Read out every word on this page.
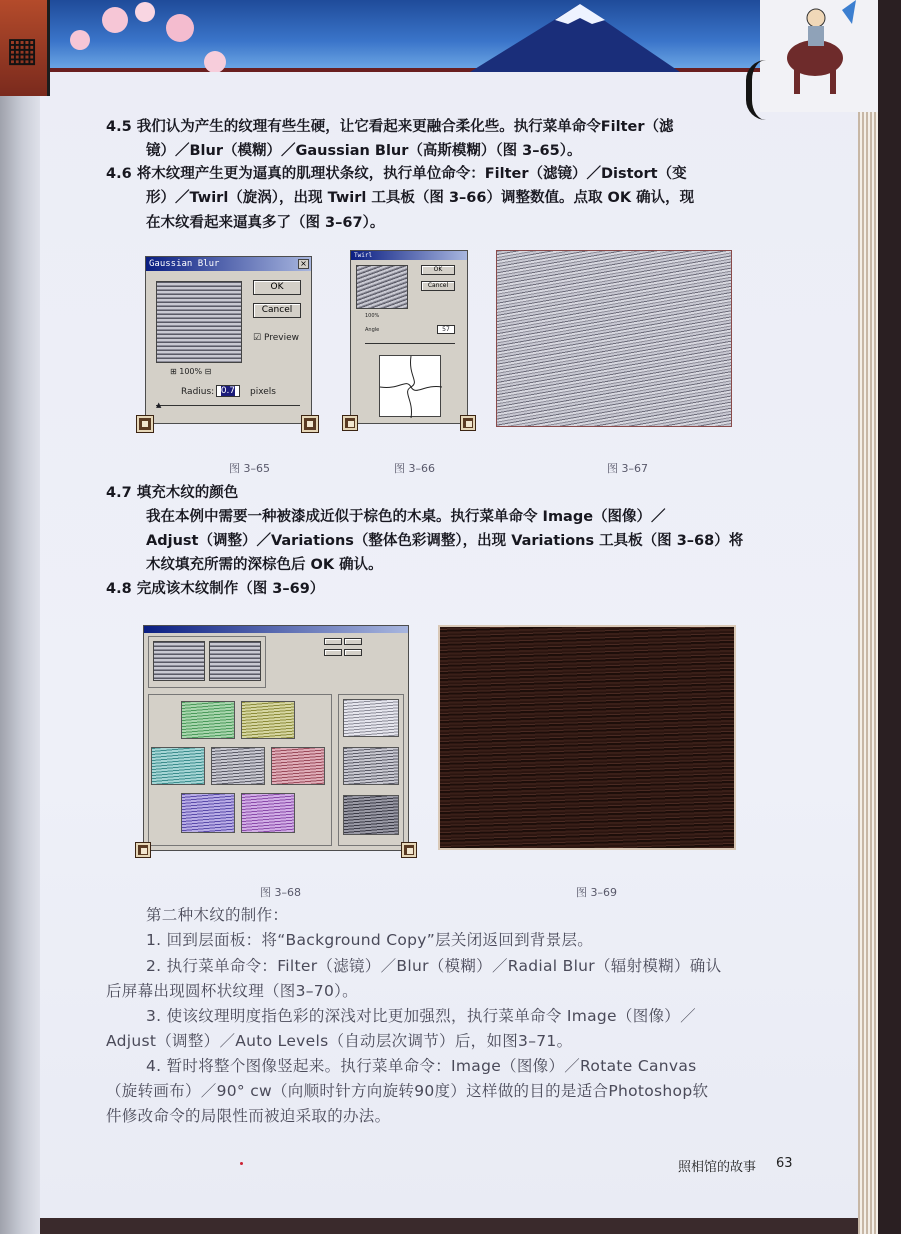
▦
4.5 我们认为产生的纹理有些生硬，让它看起来更融合柔化些。执行菜单命令Filter（滤
镜）／Blur（模糊）／Gaussian Blur（高斯模糊）（图 3–65）。
4.6 将木纹理产生更为逼真的肌理状条纹，执行单位命令：Filter（滤镜）／Distort（变
形）／Twirl（旋涡），出现 Twirl 工具板（图 3–66）调整数值。点取 OK 确认，现
在木纹看起来逼真多了（图 3–67）。
Gaussian Blur	×
OK
Cancel
☑ Preview
⊞ 100% ⊟
Radius: 0.7	pixels
▲
Twirl
OK
Cancel
100%
Angle	57
图 3–65	图 3–66	图 3–67
4.7 填充木纹的颜色
我在本例中需要一种被漆成近似于棕色的木桌。执行菜单命令 Image（图像）／
Adjust（调整）／Variations（整体色彩调整），出现 Variations 工具板（图 3–68）将
木纹填充所需的深棕色后 OK 确认。
4.8 完成该木纹制作（图 3–69）
图 3–68	图 3–69
第二种木纹的制作：
1. 回到层面板：将“Background Copy”层关闭返回到背景层。
2. 执行菜单命令：Filter（滤镜）／Blur（模糊）／Radial Blur（辐射模糊）确认
后屏幕出现圆杯状纹理（图3–70）。
3. 使该纹理明度指色彩的深浅对比更加强烈，执行菜单命令 Image（图像）／
Adjust（调整）／Auto Levels（自动层次调节）后，如图3–71。
4. 暂时将整个图像竖起来。执行菜单命令：Image（图像）／Rotate Canvas
（旋转画布）／90° cw（向顺时针方向旋转90度）这样做的目的是适合Photoshop软
件修改命令的局限性而被迫采取的办法。
照相馆的故事 63
